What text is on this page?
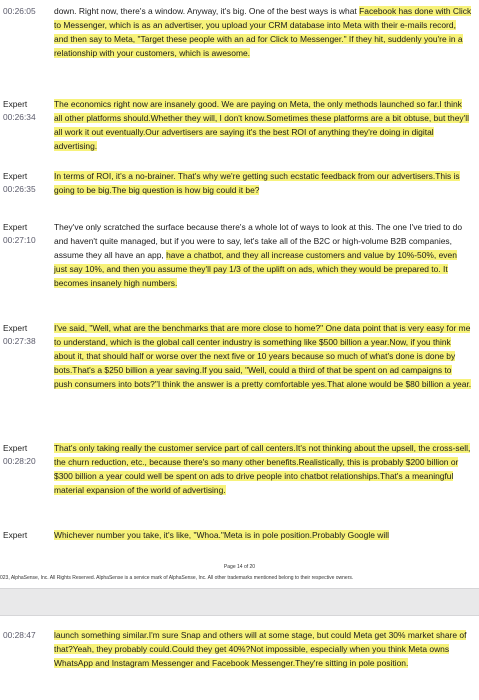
00:26:05 down. Right now, there's a window. Anyway, it's big. One of the best ways is what Facebook has done with Click to Messenger, which is as an advertiser, you upload your CRM database into Meta with their e-mails record, and then say to Meta, "Target these people with an ad for Click to Messenger." If they hit, suddenly you're in a relationship with your customers, which is awesome.
Expert
00:26:34
The economics right now are insanely good. We are paying on Meta, the only methods launched so far.I think all other platforms should.Whether they will, I don't know.Sometimes these platforms are a bit obtuse, but they'll all work it out eventually.Our advertisers are saying it's the best ROI of anything they're doing in digital advertising.
Expert
00:26:35
In terms of ROI, it's a no-brainer. That's why we're getting such ecstatic feedback from our advertisers.This is going to be big.The big question is how big could it be?
Expert
00:27:10
They've only scratched the surface because there's a whole lot of ways to look at this. The one I've tried to do and haven't quite managed, but if you were to say, let's take all of the B2C or high-volume B2B companies, assume they all have an app, have a chatbot, and they all increase customers and value by 10%-50%, even just say 10%, and then you assume they'll pay 1/3 of the uplift on ads, which they would be prepared to. It becomes insanely high numbers.
Expert
00:27:38
I've said, "Well, what are the benchmarks that are more close to home?" One data point that is very easy for me to understand, which is the global call center industry is something like $500 billion a year.Now, if you think about it, that should half or worse over the next five or 10 years because so much of what's done is done by bots.That's a $250 billion a year saving.If you said, "Well, could a third of that be spent on ad campaigns to push consumers into bots?"I think the answer is a pretty comfortable yes.That alone would be $80 billion a year.
Expert
00:28:20
That's only taking really the customer service part of call centers.It's not thinking about the upsell, the cross-sell, the churn reduction, etc., because there's so many other benefits.Realistically, this is probably $200 billion or $300 billion a year could well be spent on ads to drive people into chatbot relationships.That's a meaningful material expansion of the world of advertising.
Expert	Whichever number you take, it's like, "Whoa."Meta is in pole position.Probably Google will
Page 14 of 20
023, AlphaSense, Inc. All Rights Reserved. AlphaSense is a service mark of AlphaSense, Inc. All other trademarks mentioned belong to their respective owners.
00:28:47 launch something similar.I'm sure Snap and others will at some stage, but could Meta get 30% market share of that?Yeah, they probably could.Could they get 40%?Not impossible, especially when you think Meta owns WhatsApp and Instagram Messenger and Facebook Messenger.They're sitting in pole position.
